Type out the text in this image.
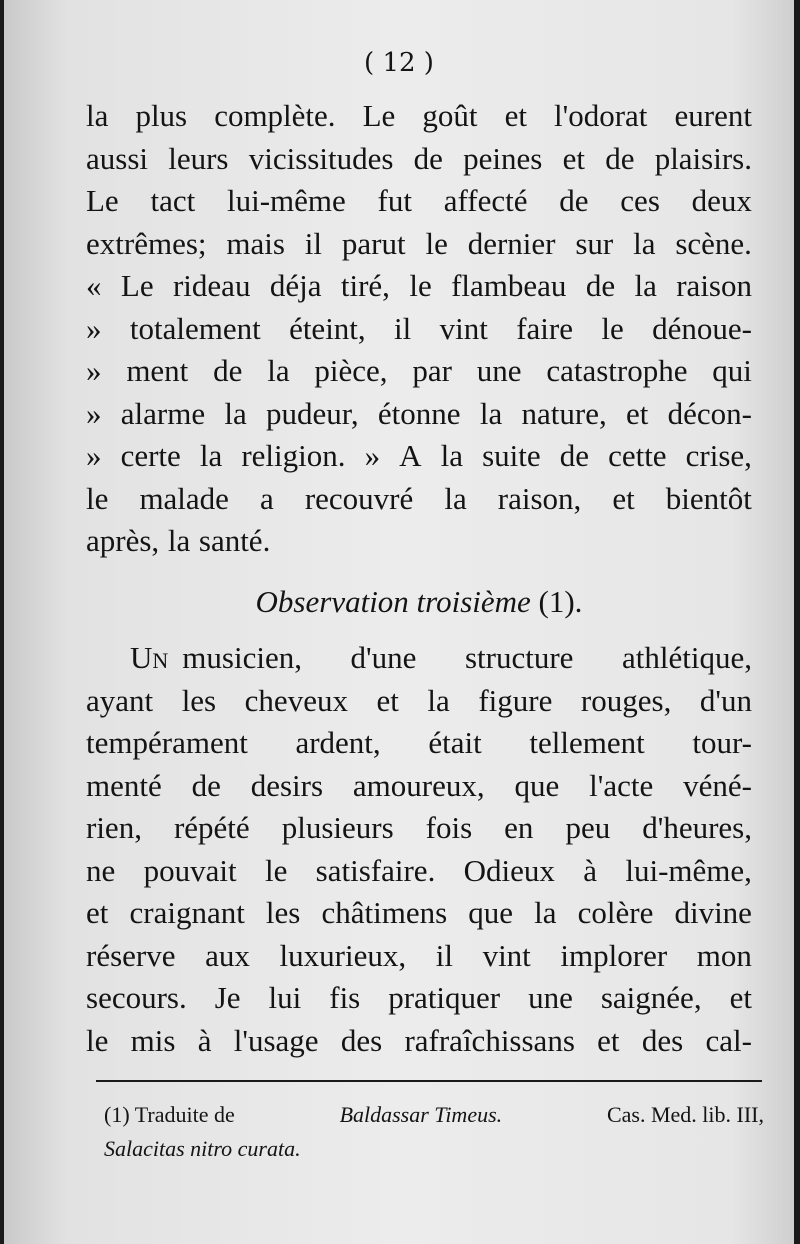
( 12 )
la plus complète. Le goût et l'odorat eurent
aussi leurs vicissitudes de peines et de plaisirs.
Le tact lui-même fut affecté de ces deux
extrêmes; mais il parut le dernier sur la scène.
« Le rideau déja tiré, le flambeau de la raison
» totalement éteint, il vint faire le dénoue-
» ment de la pièce, par une catastrophe qui
» alarme la pudeur, étonne la nature, et décon-
» certe la religion. » A la suite de cette crise,
le malade a recouvré la raison, et bientôt
après, la santé.
Observation troisième (1).
Un musicien, d'une structure athlétique,
ayant les cheveux et la figure rouges, d'un
tempérament ardent, était tellement tour-
menté de desirs amoureux, que l'acte véné-
rien, répété plusieurs fois en peu d'heures,
ne pouvait le satisfaire. Odieux à lui-même,
et craignant les châtimens que la colère divine
réserve aux luxurieux, il vint implorer mon
secours. Je lui fis pratiquer une saignée, et
le mis à l'usage des rafraîchissans et des cal-
(1) Traduite de	Baldassar Timeus.	Cas. Med. lib. III,
Salacitas nitro curata.
